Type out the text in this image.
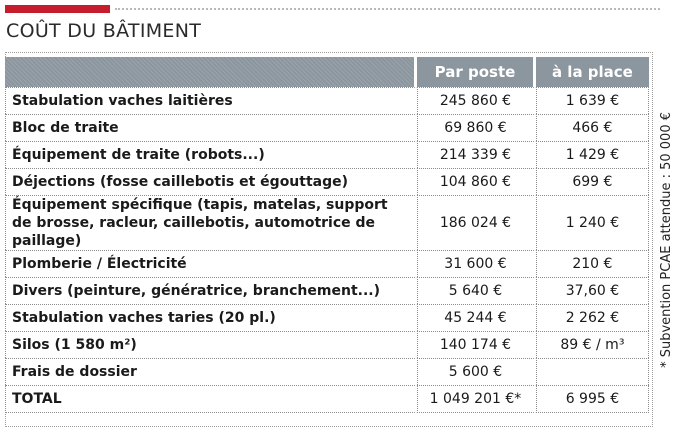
COÛT DU BÂTIMENT
	Par poste	à la place
Stabulation vaches laitières	245 860 €	1 639 €
Bloc de traite	69 860 €	466 €
Équipement de traite (robots...)	214 339 €	1 429 €
Déjections (fosse caillebotis et égouttage)	104 860 €	699 €
Équipement spécifique (tapis, matelas, support de brosse, racleur, caillebotis, automotrice de paillage)	186 024 €	1 240 €
Plomberie / Électricité	31 600 €	210 €
Divers (peinture, génératrice, branchement...)	5 640 €	37,60 €
Stabulation vaches taries (20 pl.)	45 244 €	2 262 €
Silos (1 580 m²)	140 174 €	89 € / m³
Frais de dossier	5 600 €	
TOTAL	1 049 201 €*	6 995 €
* Subvention PCAE attendue : 50 000 €
